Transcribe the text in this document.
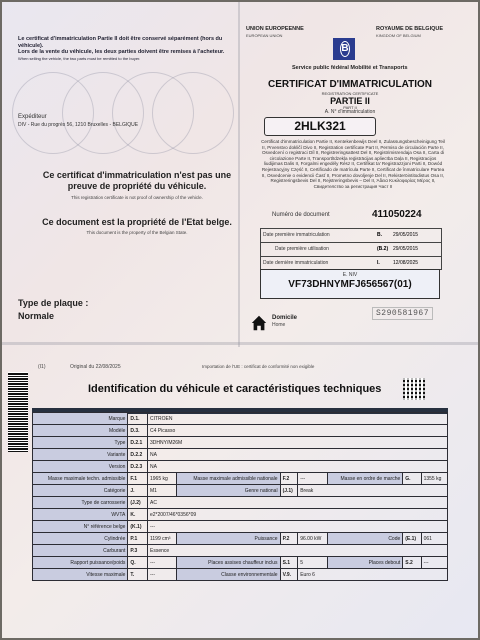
Le certificat d'immatriculation Partie II doit être conservé séparément (hors du véhicule).
Lors de la vente du véhicule, les deux parties doivent être remises à l'acheteur.
When selling the vehicle, the two parts must be remitted to the buyer.
Expéditeur
DIV - Rue du progrès 56, 1210 Bruxelles - BELGIQUE
Ce certificat d'immatriculation n'est pas une preuve de propriété du véhicule.
This registration certificate is not proof of ownership of the vehicle.
Ce document est la propriété de l'Etat belge.
This document is the property of the Belgian State.
Type de plaque :
Normale
UNION EUROPEENNE
EUROPEAN UNION
B
ROYAUME DE BELGIQUE
KINGDOM OF BELGIUM
Service public fédéral Mobilité et Transports
CERTIFICAT D'IMMATRICULATION
REGISTRATION CERTIFICATE
PARTIE II
PART II
A. N° d'immatriculation
2HLK321
Certificat d'immatriculation Partie II, Kentekenbewijs Deel II, Zulassungsbescheinigung Teil II, Prvenstvo dokličí Divo II, Registration certificate Part II, Permiso de circulación Parte II, Osvedcení o registraci Díl II, Registreringsattest Del II, Registrimisrendaja Osa II, Carta di circolazione Parte II, Transportlīdzekļa reģistrācijas apliecība Daļa II, Registracijos liudijimas Dalis II, Forgalmi engedély Rész II, Certifikat ta' Registrazzjoni Parti II, Dowód Rejestracyjny Część II, Certificado de matrícula Parte II, Certificat de înmatriculare Partea II, Osvedcenie o evidencii Časť II, Prometno dovoljenje Del II, Rekisteröintitodistus Osa II, Registreringsbevis Del II, Rejstreringsbevis – Del II, Άδεια Κυκλοφορίας Μέρος II, Свидетелство за регистрация Част II
Numéro de document	411050224
Date première immatriculation	B.	29/05/2015
Date première utilisation	(B.2) 29/05/2015
Date dernière immatriculation	I.	12/08/2025
E. NIV
VF73DHNYMFJ656567(01)
Domicile
Home
S290581967
(I1)	Original du 22/08/2025	Importation de l'UE : certificat de conformité non exigible
Identification du véhicule et caractéristiques techniques
Marque	D.1.	CITROEN						
Modèle	D.3.	C4 Picasso						
Type	D.2.1	3DHNY/M26M						
Variante	D.2.2	NA						
Version	D.2.3	NA						
Masse maximale techn. admissible	F.1	1965 kg	Masse maximale admissible nationale	F.2	---	Masse en ordre de marche	G.	1355 kg
Catégorie	J.	M1	Genre national	(J.1)	Break			
Type de carrosserie	(J.2)	AC						
WVTA	K.	e2*2007/46*0356*09						
N° référence belge	(K.1)	---						
Cylindrée	P.1	1199 cm³	Puissance	P.2	96.00 kW	Code	(E.1)	061
Carburant	P.3	Essence						
Rapport puissance/poids	Q.	---	Places assises chauffeur inclus	S.1	5	Places debout	S.2	---
Vitesse maximale	T.	---	Classe environnementale	V.9.	Euro 6			
